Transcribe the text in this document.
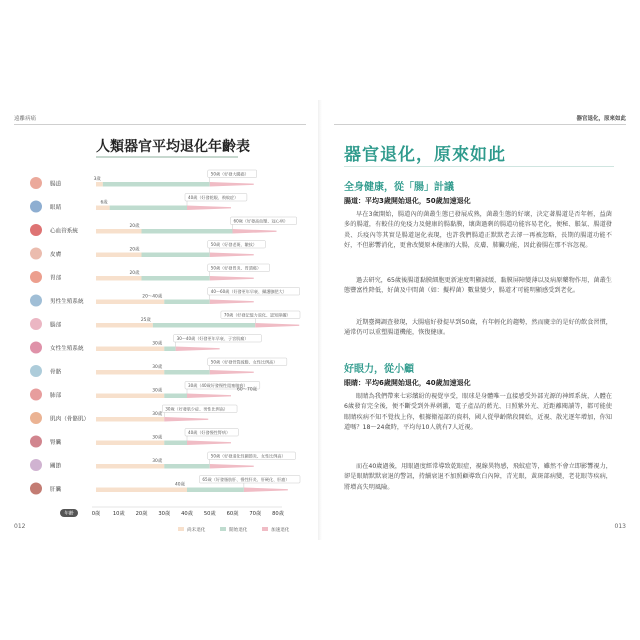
遠離病痛
人類器官平均退化年齡表
腸道
3歲
50歲（好發大腸癌）
眼睛
6歲
40歲（好發乾眼、飛蚊症）
心血管系統
20歲
60歲（好發高血壓、冠心病）
皮膚
20歲
50歲（好發老斑、皺紋）
胃部
20歲
50歲（好發胃炎、胃潰瘍）
男性生殖系統
20～40歲
40～60歲（好發更年早衰、攝護腺肥大）
腦部
25歲
70歲（好發記憶力退化、認知障礙）
女性生殖系統
30歲
30～40歲（好發更年早衰、子宮肌瘤）
骨骼
30歲
50歲（好發骨質疏鬆、女性比例高）
肺部
30歲
30歲（40歲好發慢性阻塞肺病）
肌肉（骨骼肌）
30歲
30歲（好發肌少症、男性比例高）
腎臟
30歲
40歲（好發慢性腎病）
關節
30歲
50歲（好發退化性關節炎、女性比例高）
肝臟
40歲
65歲（好發脂肪肝、慢性肝炎、肝硬化、肝癌）
60～70歲
年齡	0歲 10歲 20歲 30歲 40歲 50歲 60歲 70歲 80歲
尚未退化	開始退化	加速退化
012
器官退化，原來如此
器官退化，原來如此
全身健康，從「腸」計議
腸道：平均3歲開始退化，50歲加速退化

早在3歲開始，腸道內的菌叢生態已發展成熟，菌叢生態的好壞，決定著腸道是否年輕，益菌多的腸道，有較佳的免疫力及健康的腸黏膜，壞菌過剩的腸道功能容易老化，便秘、脹氣、腸道發炎、兵疫內等其實是腸道退化表現，也許我們腸道正默默老去卻一再被忽略，長期的腸道功能不好，不但影響消化，更會改變原本健康的大腸，皮膚、肺臟功能，因此養腸在那不容忽視。

過去研究，65歲後腸道黏膜細胞更新速度明顯減緩，黏膜屏障變薄以及病原藥物作用，菌叢生態豐富性降低，好菌及中間菌（如：擬桿菌）數量變少，腸道才可能明顯感受到老化。

近期臺灣調查發現，大腸癌好發提早到50歲，有年輕化的趨勢，然而慶幸的是好的飲食習慣，通常仍可以重塑腸道機能，恢復健康。

好眼力，從小顧
眼睛：平均6歲開始退化，40歲加速退化

眼睛為我們帶來七彩繽紛的視覺享受，眼球是身體唯一直接感受外部光源的神經系統，人體在6歲發育完全後，便不斷受到外界刺激，電子產品的藍光、日照紫外光、近距離閱讀等，都可能使眼睛疾病不知不覺找上你，根據衛福部的資料，國人從學齡階段開始，近視、散光逐年增加，你知道嗎？18～24歲時，平均每10人就有7人近視。

而在40歲過後，用眼過度經常導致乾眼症，視線異物感，飛蚊症等，雖然不會立即影響視力，卻是眼睛默默衰退的警訊，持續衰退不加照顧導致白內障，青光眼，黃斑部病變，老花眼等疾病，將增高失明風險。

013
